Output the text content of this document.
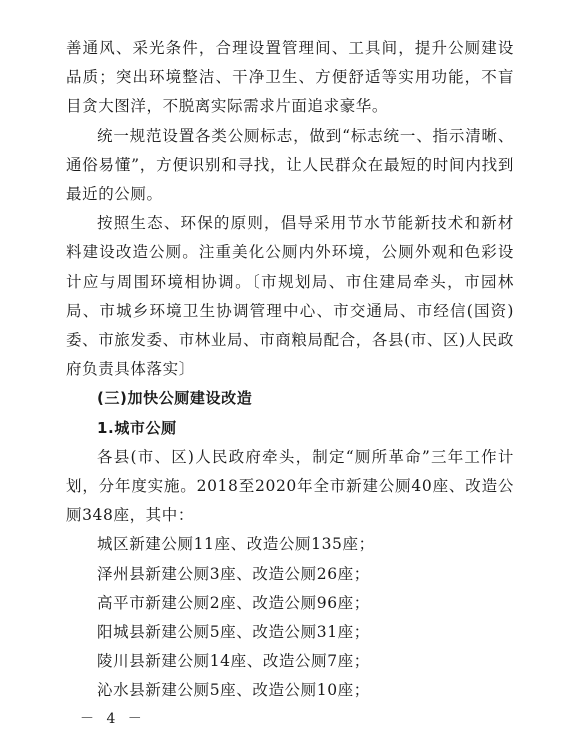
善通风、采光条件，合理设置管理间、工具间，提升公厕建设品质；突出环境整洁、干净卫生、方便舒适等实用功能，不盲目贪大图洋，不脱离实际需求片面追求豪华。

统一规范设置各类公厕标志，做到“标志统一、指示清晰、通俗易懂”，方便识别和寻找，让人民群众在最短的时间内找到最近的公厕。

按照生态、环保的原则，倡导采用节水节能新技术和新材料建设改造公厕。注重美化公厕内外环境，公厕外观和色彩设计应与周围环境相协调。〔市规划局、市住建局牵头，市园林局、市城乡环境卫生协调管理中心、市交通局、市经信(国资)委、市旅发委、市林业局、市商粮局配合，各县(市、区)人民政府负责具体落实〕

(三)加快公厕建设改造

1.城市公厕

各县(市、区)人民政府牵头，制定“厕所革命”三年工作计划，分年度实施。2018至2020年全市新建公厕40座、改造公厕348座，其中：

城区新建公厕11座、改造公厕135座；

泽州县新建公厕3座、改造公厕26座；

高平市新建公厕2座、改造公厕96座；

阳城县新建公厕5座、改造公厕31座；

陵川县新建公厕14座、改造公厕7座；

沁水县新建公厕5座、改造公厕10座；

－ 4 －
